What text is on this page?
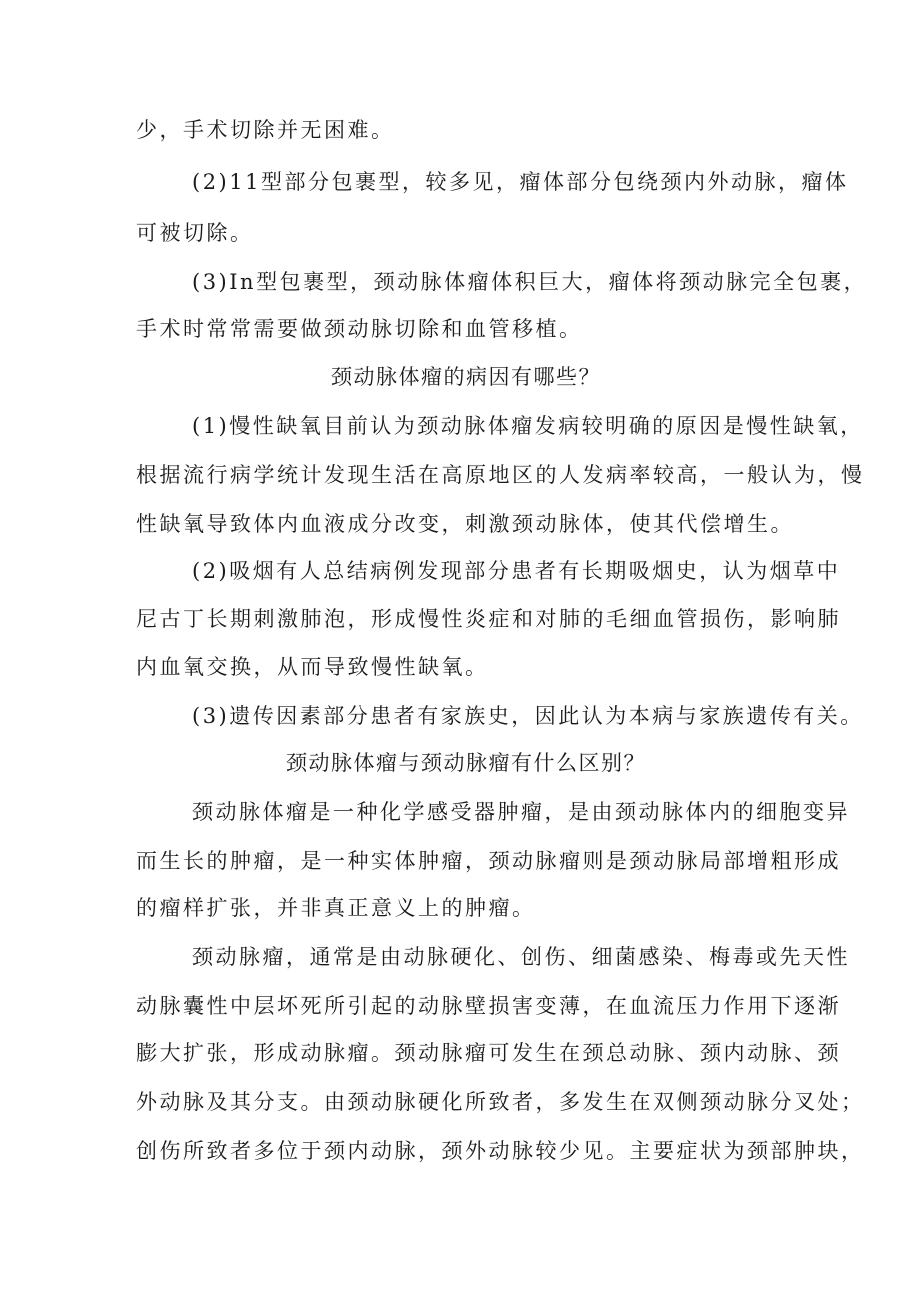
少，手术切除并无困难。
(2)11型部分包裹型，较多见，瘤体部分包绕颈内外动脉，瘤体
可被切除。
(3)In型包裹型，颈动脉体瘤体积巨大，瘤体将颈动脉完全包裹，
手术时常常需要做颈动脉切除和血管移植。
颈动脉体瘤的病因有哪些？
(1)慢性缺氧目前认为颈动脉体瘤发病较明确的原因是慢性缺氧，
根据流行病学统计发现生活在高原地区的人发病率较高，一般认为，慢
性缺氧导致体内血液成分改变，刺激颈动脉体，使其代偿增生。
(2)吸烟有人总结病例发现部分患者有长期吸烟史，认为烟草中
尼古丁长期刺激肺泡，形成慢性炎症和对肺的毛细血管损伤，影响肺
内血氧交换，从而导致慢性缺氧。
(3)遗传因素部分患者有家族史，因此认为本病与家族遗传有关。
颈动脉体瘤与颈动脉瘤有什么区别？
颈动脉体瘤是一种化学感受器肿瘤，是由颈动脉体内的细胞变异
而生长的肿瘤，是一种实体肿瘤，颈动脉瘤则是颈动脉局部增粗形成
的瘤样扩张，并非真正意义上的肿瘤。
颈动脉瘤，通常是由动脉硬化、创伤、细菌感染、梅毒或先天性
动脉囊性中层坏死所引起的动脉壁损害变薄，在血流压力作用下逐渐
膨大扩张，形成动脉瘤。颈动脉瘤可发生在颈总动脉、颈内动脉、颈
外动脉及其分支。由颈动脉硬化所致者，多发生在双侧颈动脉分叉处；
创伤所致者多位于颈内动脉，颈外动脉较少见。主要症状为颈部肿块，
